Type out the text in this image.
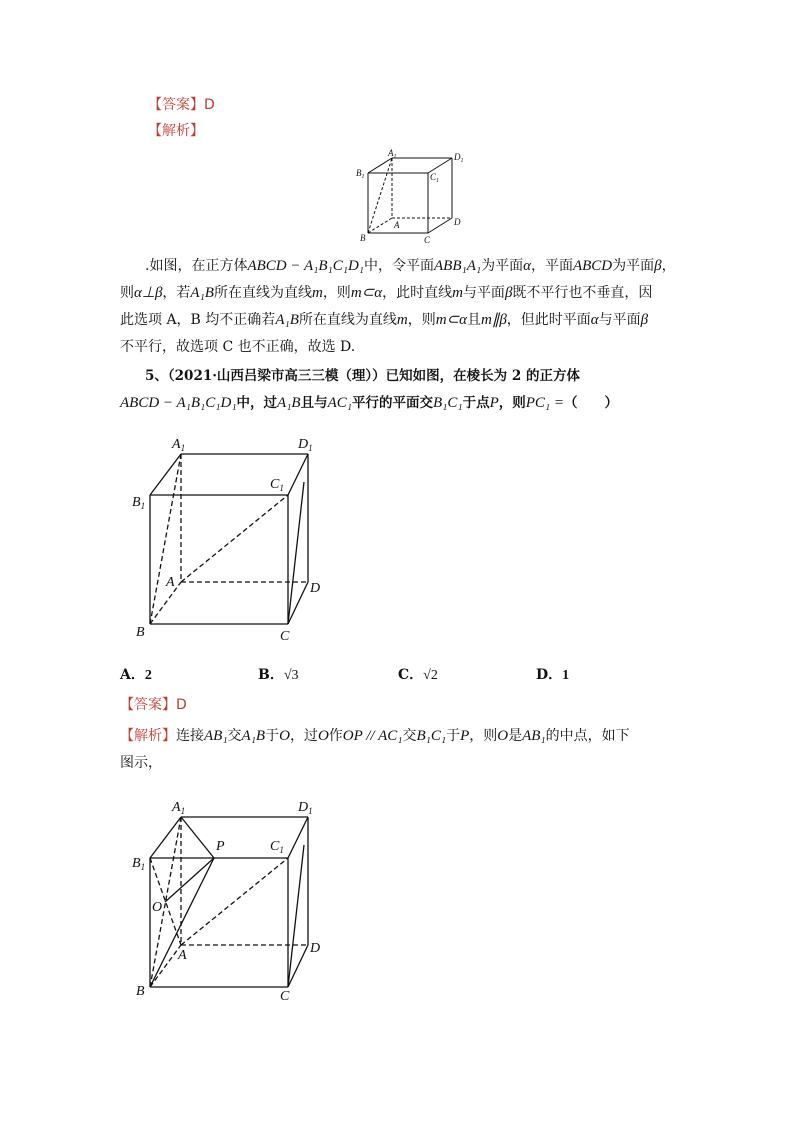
【答案】D
【解析】
$A_1$	$D_1$
$B_1$	$C_1$
A	D
B	C
.如图，在正方体ABCD − A₁B₁C₁D₁中，令平面ABB₁A₁为平面α，平面ABCD为平面β，
则α⊥β，若A₁B所在直线为直线m，则m⊂α，此时直线m与平面β既不平行也不垂直，因
此选项 A，B 均不正确若A₁B所在直线为直线m，则m⊂α且m∥β，但此时平面α与平面β
不平行，故选项 C 也不正确，故选 D.
5、（2021·山西吕梁市高三三模（理））已知如图，在棱长为 2 的正方体
ABCD − A₁B₁C₁D₁中，过A₁B且与AC₁平行的平面交B₁C₁于点P，则PC₁ =（　　）
$A_1$	$D_1$
$B_1$
$C_1$
A	D
B	C
A．2	B．√3	C．√2	D．1
【答案】D
【解析】连接AB₁交A₁B于O，过O作OP // AC₁交B₁C₁于P，则O是AB₁的中点，如下
图示，
$A_1$	$D_1$
$B_1$
$C_1$
P
O
A	D
B	C
